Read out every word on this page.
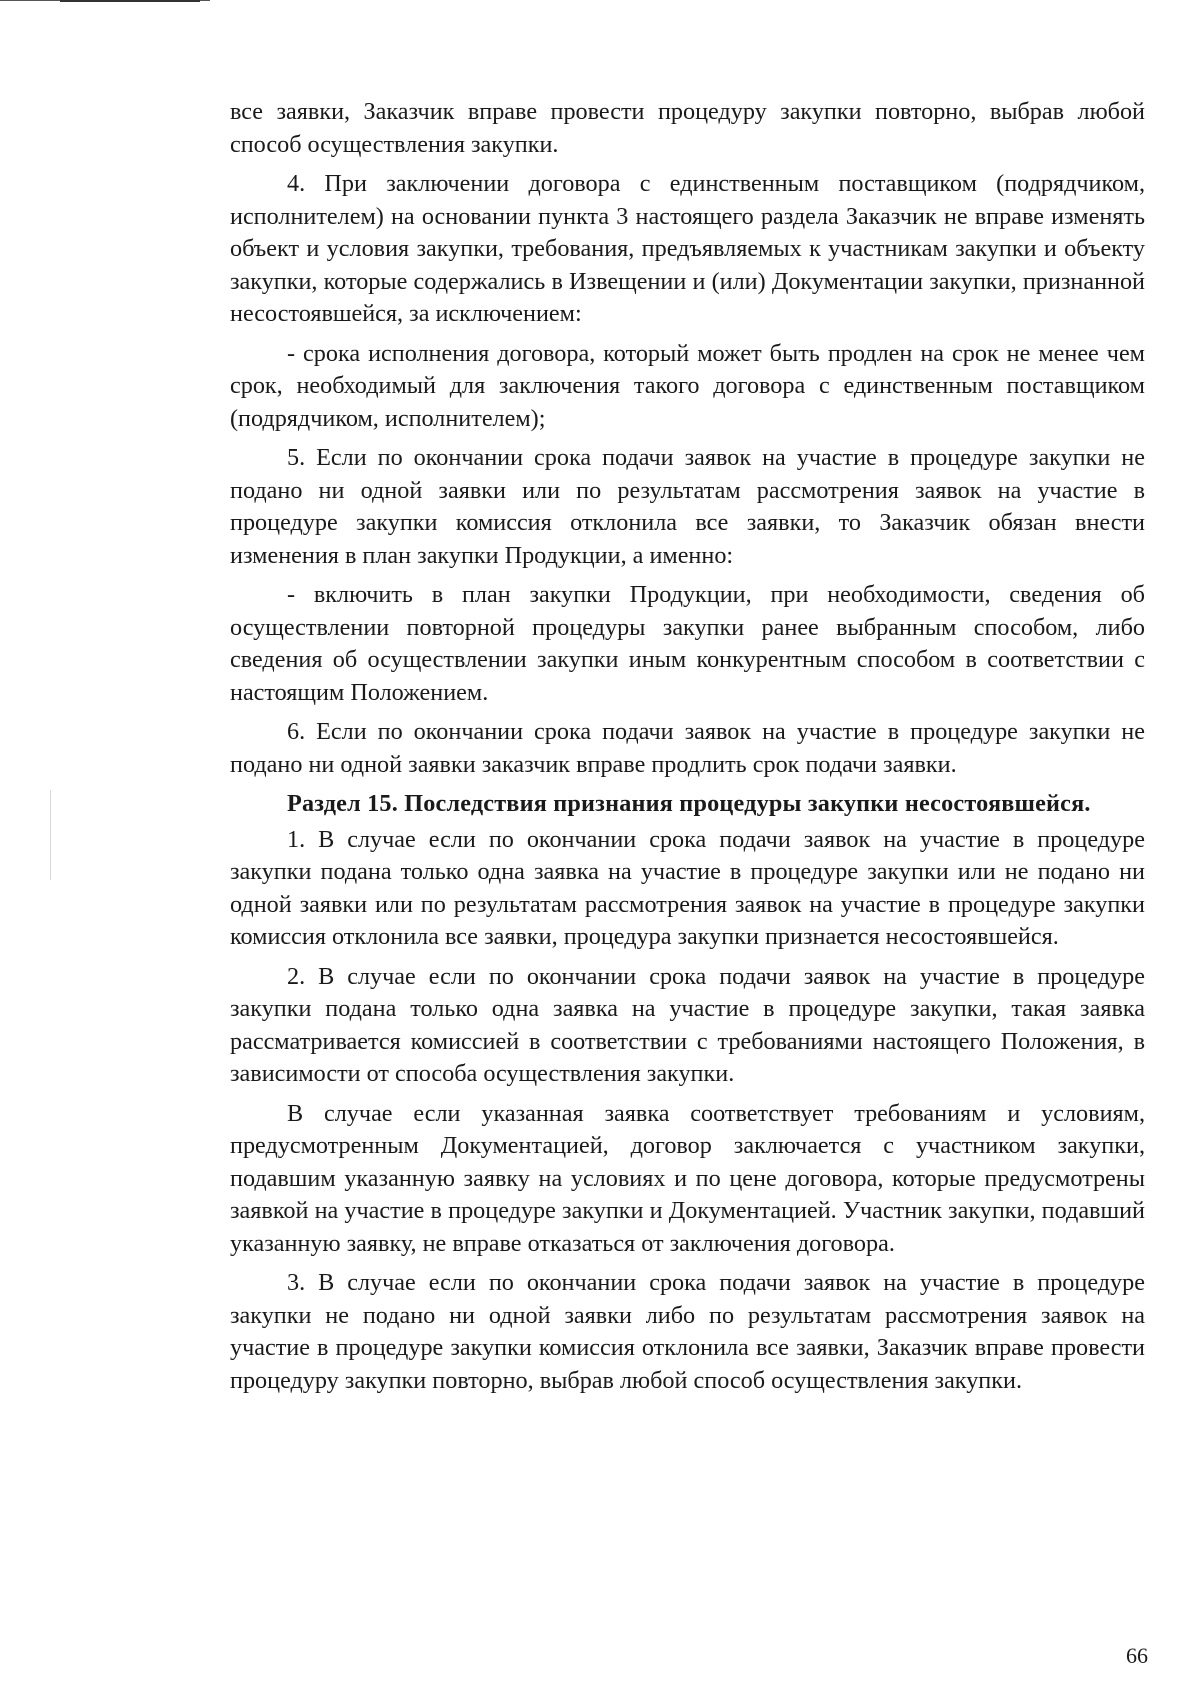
все заявки, Заказчик вправе провести процедуру закупки повторно, выбрав любой способ осуществления закупки.

4. При заключении договора с единственным поставщиком (подрядчиком, исполнителем) на основании пункта 3 настоящего раздела Заказчик не вправе изменять объект и условия закупки, требования, предъявляемых к участникам закупки и объекту закупки, которые содержались в Извещении и (или) Документации закупки, признанной несостоявшейся, за исключением:

- срока исполнения договора, который может быть продлен на срок не менее чем срок, необходимый для заключения такого договора с единственным поставщиком (подрядчиком, исполнителем);

5. Если по окончании срока подачи заявок на участие в процедуре закупки не подано ни одной заявки или по результатам рассмотрения заявок на участие в процедуре закупки комиссия отклонила все заявки, то Заказчик обязан внести изменения в план закупки Продукции, а именно:

- включить в план закупки Продукции, при необходимости, сведения об осуществлении повторной процедуры закупки ранее выбранным способом, либо сведения об осуществлении закупки иным конкурентным способом в соответствии с настоящим Положением.

6. Если по окончании срока подачи заявок на участие в процедуре закупки не подано ни одной заявки заказчик вправе продлить срок подачи заявки.

Раздел 15. Последствия признания процедуры закупки несостоявшейся.

1. В случае если по окончании срока подачи заявок на участие в процедуре закупки подана только одна заявка на участие в процедуре закупки или не подано ни одной заявки или по результатам рассмотрения заявок на участие в процедуре закупки комиссия отклонила все заявки, процедура закупки признается несостоявшейся.

2. В случае если по окончании срока подачи заявок на участие в процедуре закупки подана только одна заявка на участие в процедуре закупки, такая заявка рассматривается комиссией в соответствии с требованиями настоящего Положения, в зависимости от способа осуществления закупки.

В случае если указанная заявка соответствует требованиям и условиям, предусмотренным Документацией, договор заключается с участником закупки, подавшим указанную заявку на условиях и по цене договора, которые предусмотрены заявкой на участие в процедуре закупки и Документацией. Участник закупки, подавший указанную заявку, не вправе отказаться от заключения договора.

3. В случае если по окончании срока подачи заявок на участие в процедуре закупки не подано ни одной заявки либо по результатам рассмотрения заявок на участие в процедуре закупки комиссия отклонила все заявки, Заказчик вправе провести процедуру закупки повторно, выбрав любой способ осуществления закупки.

66
